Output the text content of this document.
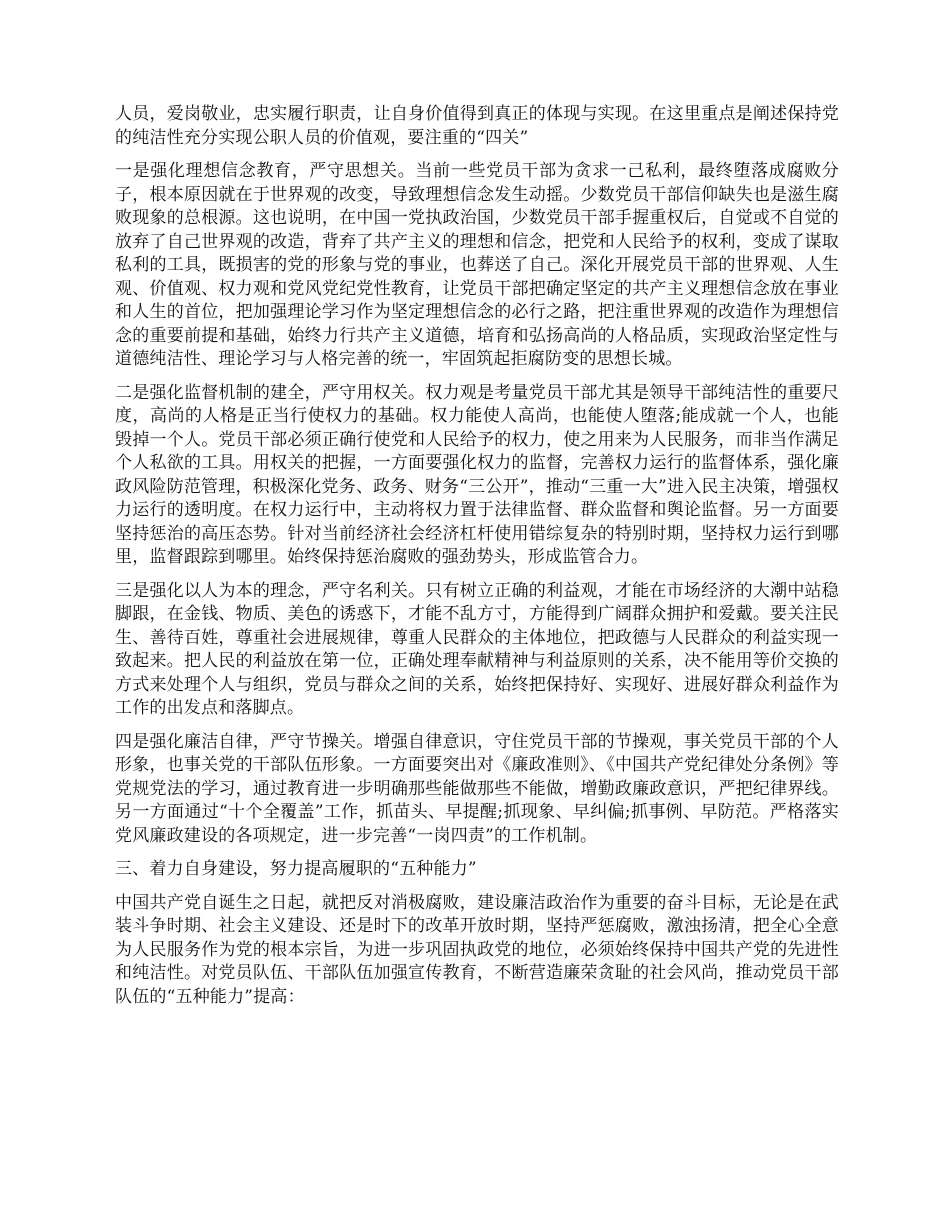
人员，爱岗敬业，忠实履行职责，让自身价值得到真正的体现与实现。在这里重点是阐述保持党的纯洁性充分实现公职人员的价值观，要注重的“四关”

一是强化理想信念教育，严守思想关。当前一些党员干部为贪求一己私利，最终堕落成腐败分子，根本原因就在于世界观的改变，导致理想信念发生动摇。少数党员干部信仰缺失也是滋生腐败现象的总根源。这也说明，在中国一党执政治国，少数党员干部手握重权后，自觉或不自觉的放弃了自己世界观的改造，背弃了共产主义的理想和信念，把党和人民给予的权利，变成了谋取私利的工具，既损害的党的形象与党的事业，也葬送了自己。深化开展党员干部的世界观、人生观、价值观、权力观和党风党纪党性教育，让党员干部把确定坚定的共产主义理想信念放在事业和人生的首位，把加强理论学习作为坚定理想信念的必行之路，把注重世界观的改造作为理想信念的重要前提和基础，始终力行共产主义道德，培育和弘扬高尚的人格品质，实现政治坚定性与道德纯洁性、理论学习与人格完善的统一，牢固筑起拒腐防变的思想长城。

二是强化监督机制的建全，严守用权关。权力观是考量党员干部尤其是领导干部纯洁性的重要尺度，高尚的人格是正当行使权力的基础。权力能使人高尚，也能使人堕落;能成就一个人，也能毁掉一个人。党员干部必须正确行使党和人民给予的权力，使之用来为人民服务，而非当作满足个人私欲的工具。用权关的把握，一方面要强化权力的监督，完善权力运行的监督体系，强化廉政风险防范管理，积极深化党务、政务、财务“三公开”，推动“三重一大”进入民主决策，增强权力运行的透明度。在权力运行中，主动将权力置于法律监督、群众监督和舆论监督。另一方面要坚持惩治的高压态势。针对当前经济社会经济杠杆使用错综复杂的特别时期，坚持权力运行到哪里，监督跟踪到哪里。始终保持惩治腐败的强劲势头，形成监管合力。

三是强化以人为本的理念，严守名利关。只有树立正确的利益观，才能在市场经济的大潮中站稳脚跟，在金钱、物质、美色的诱惑下，才能不乱方寸，方能得到广阔群众拥护和爱戴。要关注民生、善待百姓，尊重社会进展规律，尊重人民群众的主体地位，把政德与人民群众的利益实现一致起来。把人民的利益放在第一位，正确处理奉献精神与利益原则的关系，决不能用等价交换的方式来处理个人与组织，党员与群众之间的关系，始终把保持好、实现好、进展好群众利益作为工作的出发点和落脚点。

四是强化廉洁自律，严守节操关。增强自律意识，守住党员干部的节操观，事关党员干部的个人形象，也事关党的干部队伍形象。一方面要突出对《廉政准则》、《中国共产党纪律处分条例》等党规党法的学习，通过教育进一步明确那些能做那些不能做，增勤政廉政意识，严把纪律界线。另一方面通过“十个全覆盖”工作，抓苗头、早提醒;抓现象、早纠偏;抓事例、早防范。严格落实党风廉政建设的各项规定，进一步完善“一岗四责”的工作机制。

三、着力自身建设，努力提高履职的“五种能力”

中国共产党自诞生之日起，就把反对消极腐败，建设廉洁政治作为重要的奋斗目标，无论是在武装斗争时期、社会主义建设、还是时下的改革开放时期，坚持严惩腐败，激浊扬清，把全心全意为人民服务作为党的根本宗旨，为进一步巩固执政党的地位，必须始终保持中国共产党的先进性和纯洁性。对党员队伍、干部队伍加强宣传教育，不断营造廉荣贪耻的社会风尚，推动党员干部队伍的“五种能力”提高：
